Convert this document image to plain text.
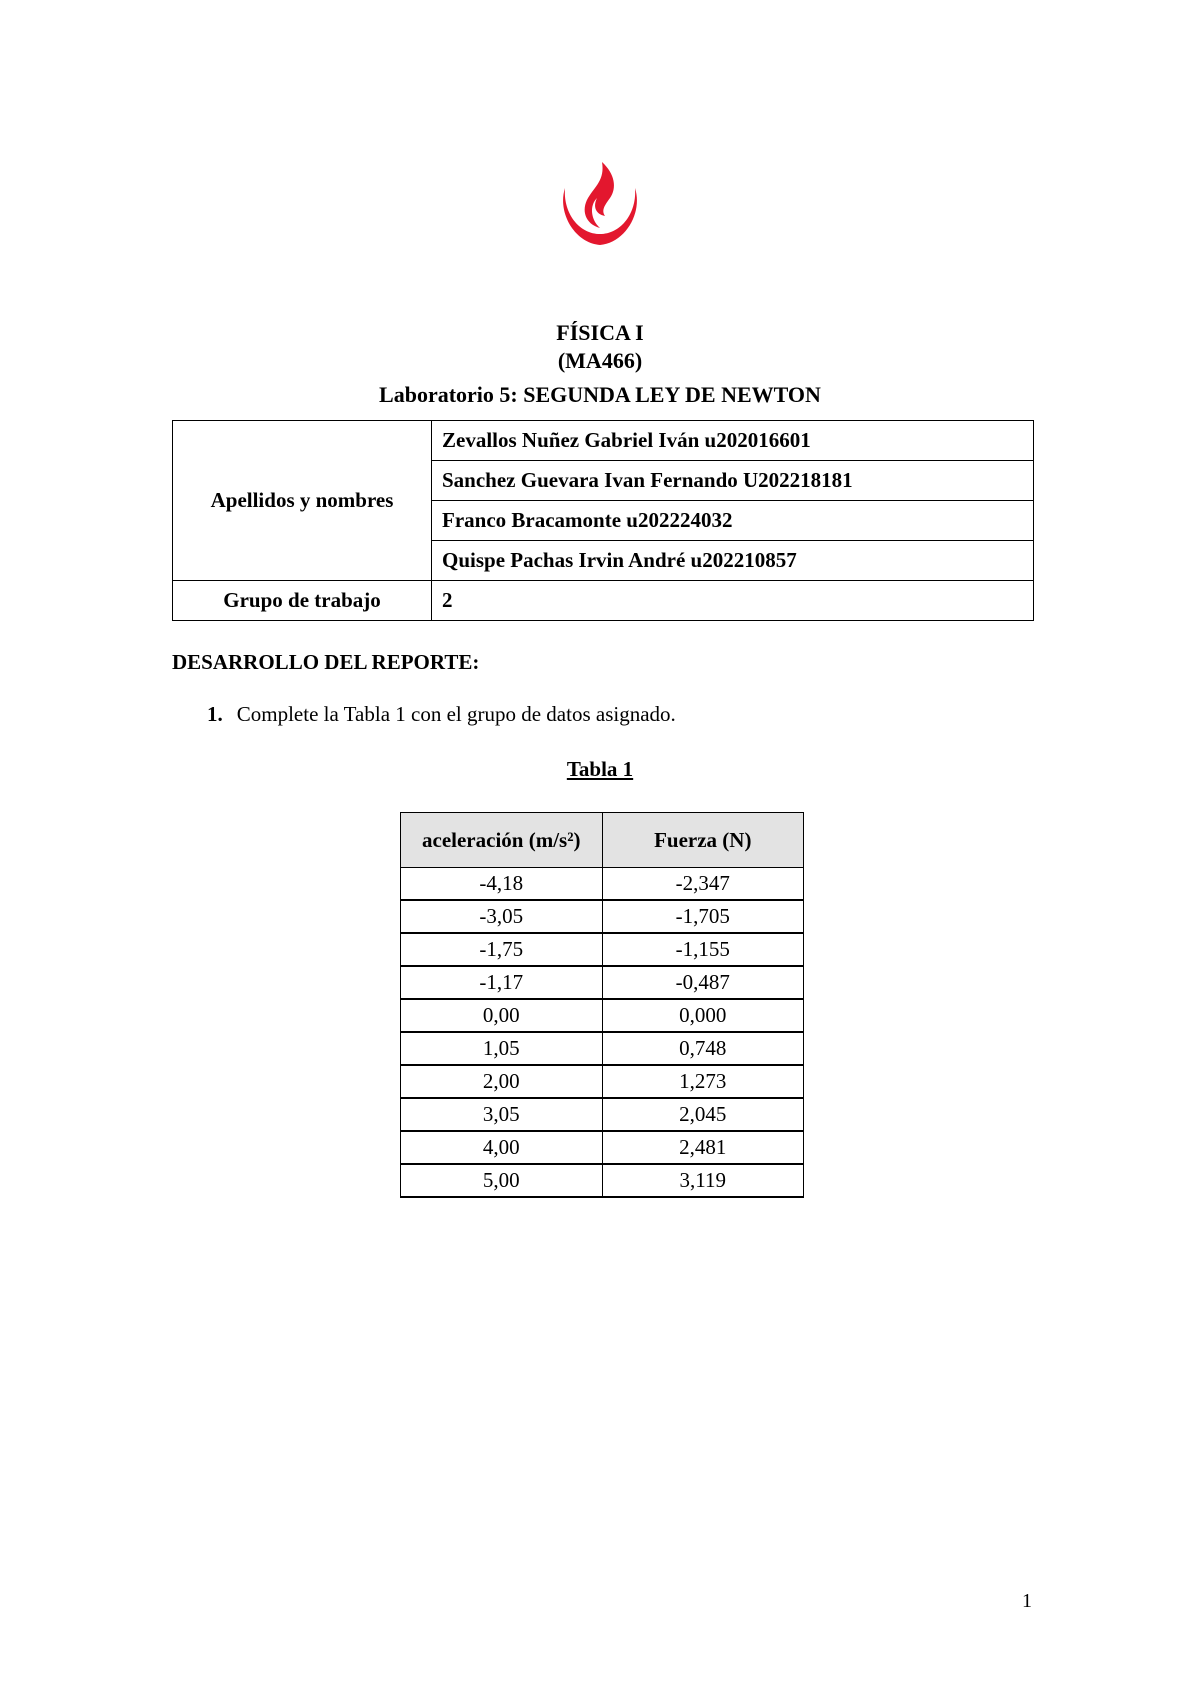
FÍSICA I
(MA466)
Laboratorio 5: SEGUNDA LEY DE NEWTON
Apellidos y nombres	Zevallos Nuñez Gabriel Iván u202016601
	Sanchez Guevara Ivan Fernando U202218181
	Franco Bracamonte u202224032
	Quispe Pachas Irvin André u202210857
Grupo de trabajo	2
DESARROLLO DEL REPORTE:
1. Complete la Tabla 1 con el grupo de datos asignado.
Tabla 1
aceleración (m/s²)	Fuerza (N)
-4,18	-2,347
-3,05	-1,705
-1,75	-1,155
-1,17	-0,487
0,00	0,000
1,05	0,748
2,00	1,273
3,05	2,045
4,00	2,481
5,00	3,119
1
